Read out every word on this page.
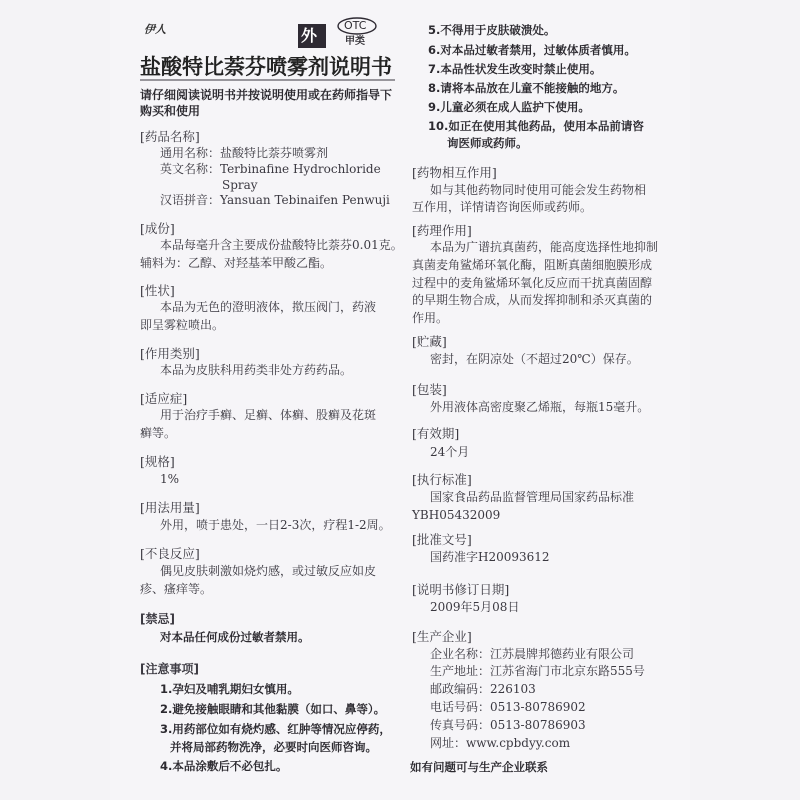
伊人	外
OTC
甲类
盐酸特比萘芬喷雾剂说明书
请仔细阅读说明书并按说明使用或在药师指导下
购买和使用
[药品名称]
通用名称：盐酸特比萘芬喷雾剂
英文名称：Terbinafine Hydrochloride
Spray
汉语拼音：Yansuan Tebinaifen Penwuji
[成份]
本品每毫升含主要成份盐酸特比萘芬0.01克。
辅料为：乙醇、对羟基苯甲酸乙酯。
[性状]
本品为无色的澄明液体，揿压阀门，药液
即呈雾粒喷出。
[作用类别]
本品为皮肤科用药类非处方药药品。
[适应症]
用于治疗手癣、足癣、体癣、股癣及花斑
癣等。
[规格]
1%
[用法用量]
外用，喷于患处，一日2-3次，疗程1-2周。
[不良反应]
偶见皮肤刺激如烧灼感，或过敏反应如皮
疹、瘙痒等。
[禁忌]
对本品任何成份过敏者禁用。
[注意事项]
1.孕妇及哺乳期妇女慎用。
2.避免接触眼睛和其他黏膜（如口、鼻等）。
3.用药部位如有烧灼感、红肿等情况应停药，
并将局部药物洗净，必要时向医师咨询。
4.本品涂敷后不必包扎。
5.不得用于皮肤破溃处。
6.对本品过敏者禁用，过敏体质者慎用。
7.本品性状发生改变时禁止使用。
8.请将本品放在儿童不能接触的地方。
9.儿童必须在成人监护下使用。
10.如正在使用其他药品，使用本品前请咨
询医师或药师。
[药物相互作用]
如与其他药物同时使用可能会发生药物相
互作用，详情请咨询医师或药师。
[药理作用]
本品为广谱抗真菌药，能高度选择性地抑制
真菌麦角鲨烯环氧化酶，阻断真菌细胞膜形成
过程中的麦角鲨烯环氧化反应而干扰真菌固醇
的早期生物合成，从而发挥抑制和杀灭真菌的
作用。
[贮藏]
密封，在阴凉处（不超过20℃）保存。
[包装]
外用液体高密度聚乙烯瓶，每瓶15毫升。
[有效期]
24个月
[执行标准]
国家食品药品监督管理局国家药品标准
YBH05432009
[批准文号]
国药准字H20093612
[说明书修订日期]
2009年5月08日
[生产企业]
企业名称：江苏晨牌邦德药业有限公司
生产地址：江苏省海门市北京东路555号
邮政编码：226103
电话号码：0513-80786902
传真号码：0513-80786903
网址：www.cpbdyy.com
如有问题可与生产企业联系
